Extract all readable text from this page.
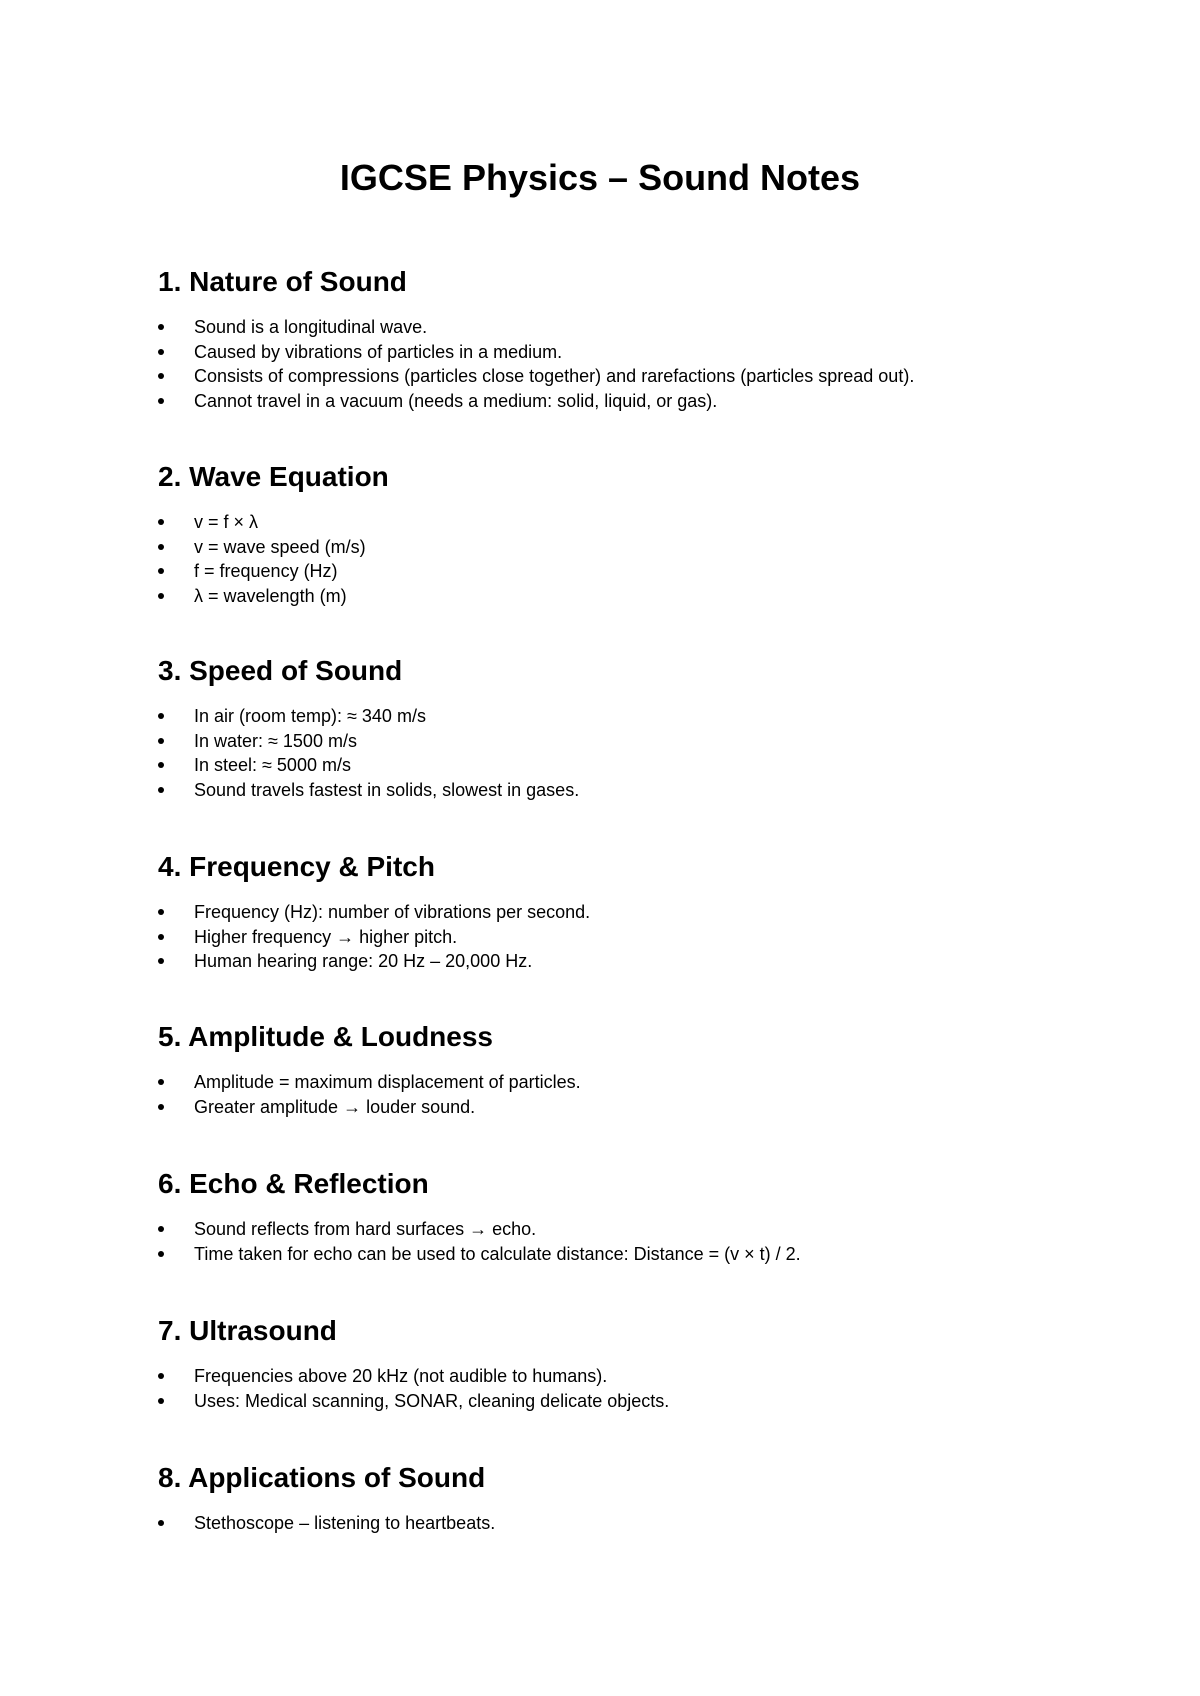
IGCSE Physics – Sound Notes
1. Nature of Sound
Sound is a longitudinal wave.
Caused by vibrations of particles in a medium.
Consists of compressions (particles close together) and rarefactions (particles spread out).
Cannot travel in a vacuum (needs a medium: solid, liquid, or gas).
2. Wave Equation
v = f × λ
v = wave speed (m/s)
f = frequency (Hz)
λ = wavelength (m)
3. Speed of Sound
In air (room temp): ≈ 340 m/s
In water: ≈ 1500 m/s
In steel: ≈ 5000 m/s
Sound travels fastest in solids, slowest in gases.
4. Frequency & Pitch
Frequency (Hz): number of vibrations per second.
Higher frequency → higher pitch.
Human hearing range: 20 Hz – 20,000 Hz.
5. Amplitude & Loudness
Amplitude = maximum displacement of particles.
Greater amplitude → louder sound.
6. Echo & Reflection
Sound reflects from hard surfaces → echo.
Time taken for echo can be used to calculate distance: Distance = (v × t) / 2.
7. Ultrasound
Frequencies above 20 kHz (not audible to humans).
Uses: Medical scanning, SONAR, cleaning delicate objects.
8. Applications of Sound
Stethoscope – listening to heartbeats.
